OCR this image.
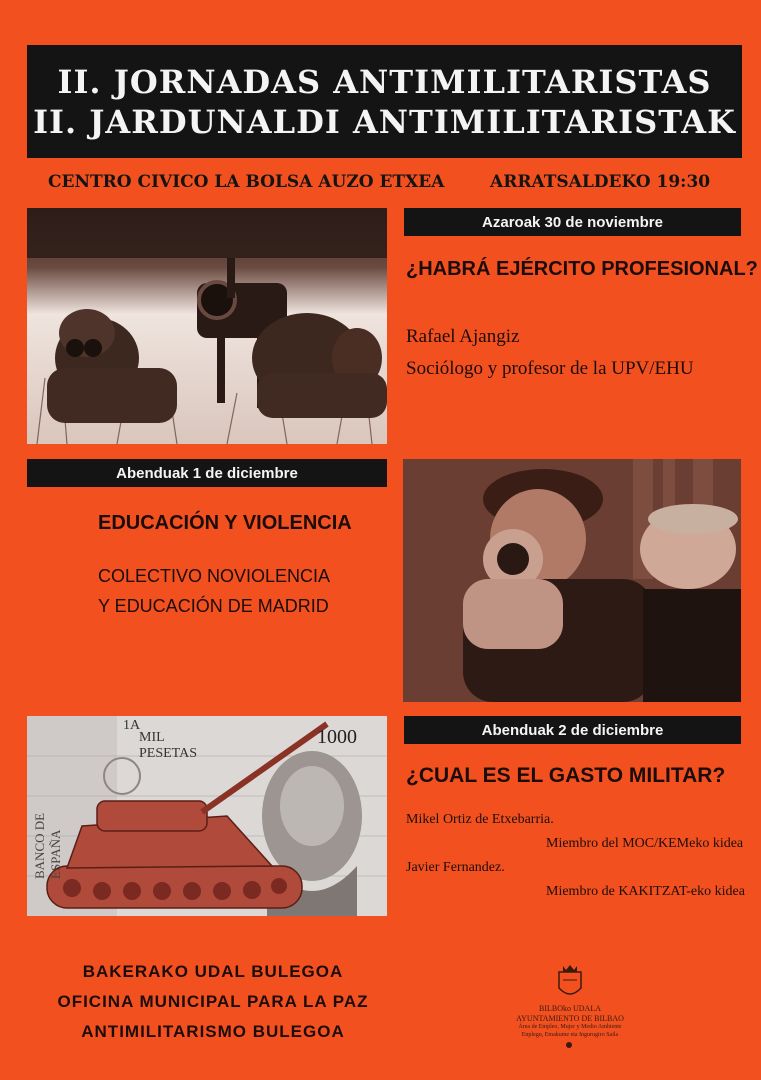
II. JORNADAS ANTIMILITARISTAS
II. JARDUNALDI ANTIMILITARISTAK
CENTRO CIVICO LA BOLSA AUZO ETXEA	ARRATSALDEKO 19:30
Azaroak 30 de noviembre
¿HABRÁ EJÉRCITO PROFESIONAL?
Rafael Ajangiz
Sociólogo y profesor de la UPV/EHU
Abenduak 1 de diciembre
EDUCACIÓN Y VIOLENCIA
COLECTIVO NOVIOLENCIA
Y EDUCACIÓN DE MADRID
Abenduak 2 de diciembre
¿CUAL ES EL GASTO MILITAR?
Mikel Ortiz de Etxebarria.
Miembro del MOC/KEMeko kidea
Javier Fernandez.
Miembro de KAKITZAT-eko kidea
1000
MIL
PESETAS
1A
BANCO DE ESPAÑA
BAKERAKO UDAL BULEGOA
OFICINA MUNICIPAL PARA LA PAZ
ANTIMILITARISMO BULEGOA
BILBOko UDALA
AYUNTAMIENTO DE BILBAO
Área de Empleo, Mujer y Medio Ambiente
Enplegu, Emakume eta Ingurugiro Saila
